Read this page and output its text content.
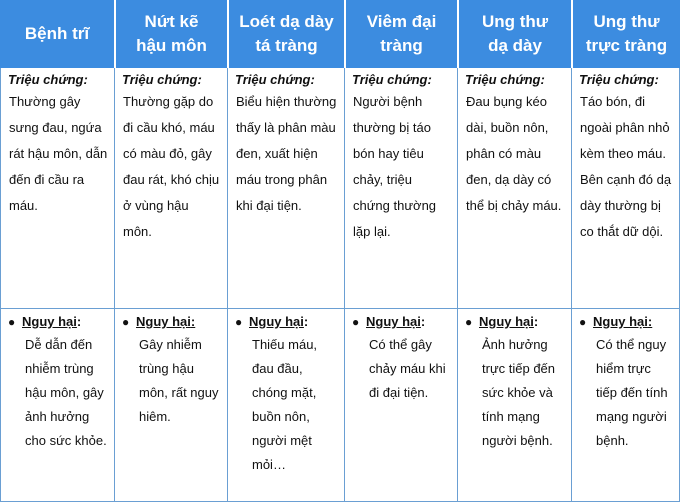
Bệnh trĩ
Nứt kẽ hậu môn
Loét dạ dày tá tràng
Viêm đại tràng
Ung thư dạ dày
Ung thư trực tràng
Triệu chứng:
Thường gây sưng đau, ngứa rát hậu môn, dẫn đến đi cầu ra máu.
Triệu chứng:
Thường gặp do đi cầu khó, máu có màu đỏ, gây đau rát, khó chịu ở vùng hậu môn.
Triệu chứng:
Biểu hiện thường thấy là phân màu đen, xuất hiện máu trong phân khi đại tiện.
Triệu chứng:
Người bệnh thường bị táo bón hay tiêu chảy, triệu chứng thường lặp lại.
Triệu chứng:
Đau bụng kéo dài, buồn nôn, phân có màu đen, dạ dày có thể bị chảy máu.
Triệu chứng:
Táo bón, đi ngoài phân nhỏ kèm theo máu. Bên cạnh đó dạ dày thường bị co thắt dữ dội.
● Nguy hại:
Dễ dẫn đến nhiễm trùng hậu môn, gây ảnh hưởng cho sức khỏe.
● Nguy hại:
Gây nhiễm trùng hậu môn, rất nguy hiêm.
● Nguy hại:
Thiếu máu, đau đầu, chóng mặt, buồn nôn, người mệt mỏi…
● Nguy hại:
Có thể gây chảy máu khi đi đại tiện.
● Nguy hại:
Ảnh hưởng trực tiếp đến sức khỏe và tính mạng người bệnh.
● Nguy hại:
Có thể nguy hiểm trực tiếp đến tính mạng người bệnh.
